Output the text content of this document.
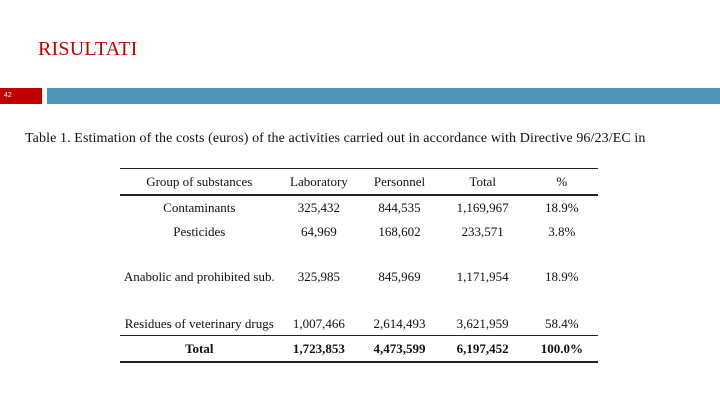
RISULTATI
42
Table 1. Estimation of the costs (euros) of the activities carried out in accordance with Directive 96/23/EC in
Group of substances	Laboratory	Personnel	Total	%
Contaminants	325,432	844,535	1,169,967	18.9%
Pesticides	64,969	168,602	233,571	3.8%
Anabolic and prohibited sub.	325,985	845,969	1,171,954	18.9%
Residues of veterinary drugs	1,007,466	2,614,493	3,621,959	58.4%
Total	1,723,853	4,473,599	6,197,452	100.0%
